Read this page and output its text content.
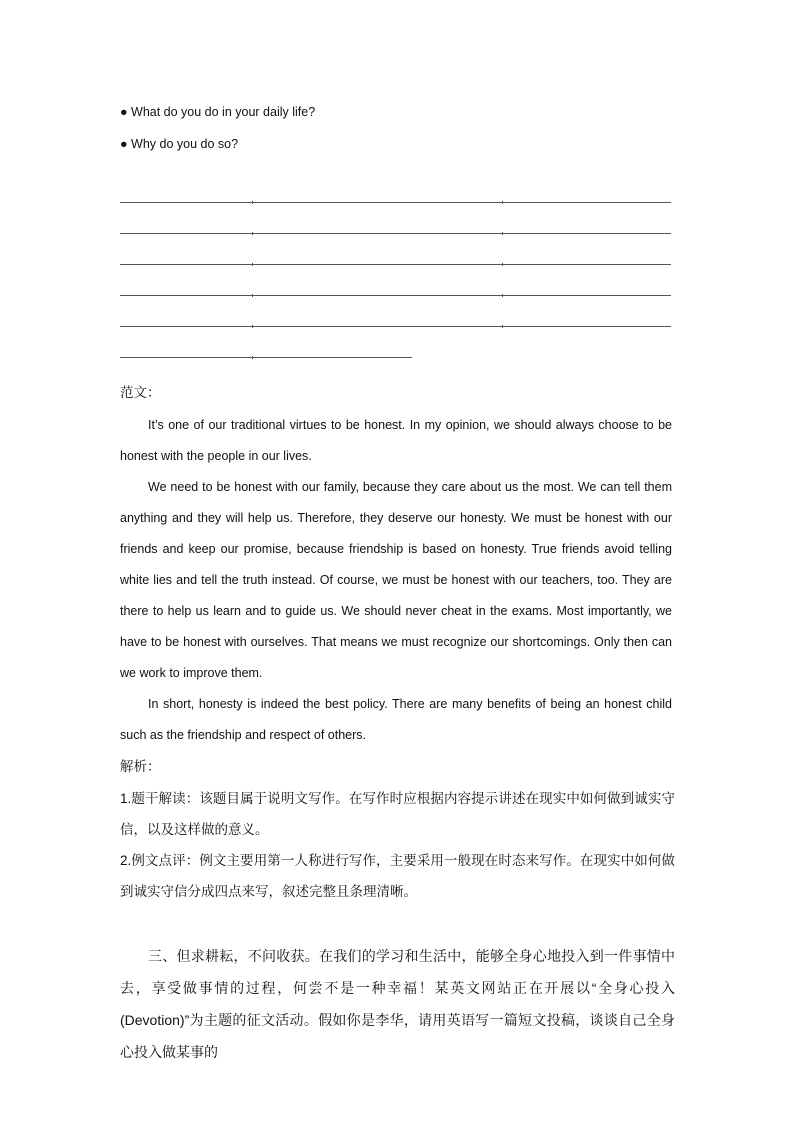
● What do you do in your daily life?
● Why do you do so?
范文：

It’s one of our traditional virtues to be honest. In my opinion, we should always choose to be honest with the people in our lives.

We need to be honest with our family, because they care about us the most. We can tell them anything and they will help us. Therefore, they deserve our honesty. We must be honest with our friends and keep our promise, because friendship is based on honesty. True friends avoid telling white lies and tell the truth instead. Of course, we must be honest with our teachers, too. They are there to help us learn and to guide us. We should never cheat in the exams. Most importantly, we have to be honest with ourselves. That means we must recognize our shortcomings. Only then can we work to improve them.

In short, honesty is indeed the best policy. There are many benefits of being an honest child such as the friendship and respect of others.

解析：

1.题干解读：该题目属于说明文写作。在写作时应根据内容提示讲述在现实中如何做到诚实守信，以及这样做的意义。

2.例文点评：例文主要用第一人称进行写作，主要采用一般现在时态来写作。在现实中如何做到诚实守信分成四点来写，叙述完整且条理清晰。

三、但求耕耘，不问收获。在我们的学习和生活中，能够全身心地投入到一件事情中去，享受做事情的过程，何尝不是一种幸福！某英文网站正在开展以“全身心投入 (Devotion)”为主题的征文活动。假如你是李华，请用英语写一篇短文投稿，谈谈自己全身心投入做某事的
